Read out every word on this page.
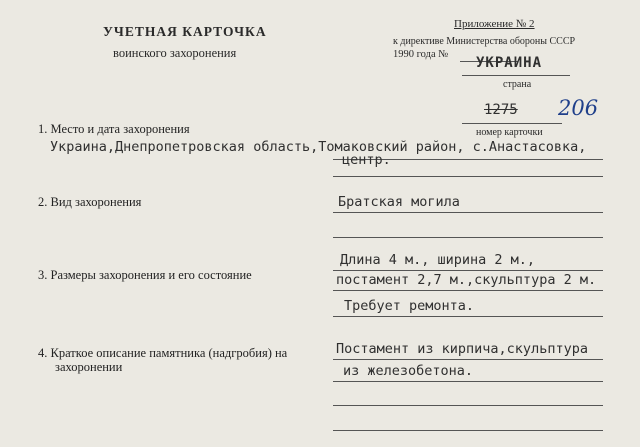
УЧЕТНАЯ КАРТОЧКА
воинского захоронения
Приложение № 2
к директиве Министерства обороны СССР
1990 года №
УКРАИНА
страна
1275 206
номер карточки
1. Место и дата захоронения
Украина,Днепропетровская область,Томаковский район, с.Анастасовка,
центр.
2. Вид захоронения	Братская могила
3. Размеры захоронения и его состояние
Длина 4 м., ширина 2 м.,
постамент 2,7 м.,скульптура 2 м.
Требует ремонта.
4. Краткое описание памятника (надгробия) на
захоронении
Постамент из кирпича,скульптура
из железобетона.
